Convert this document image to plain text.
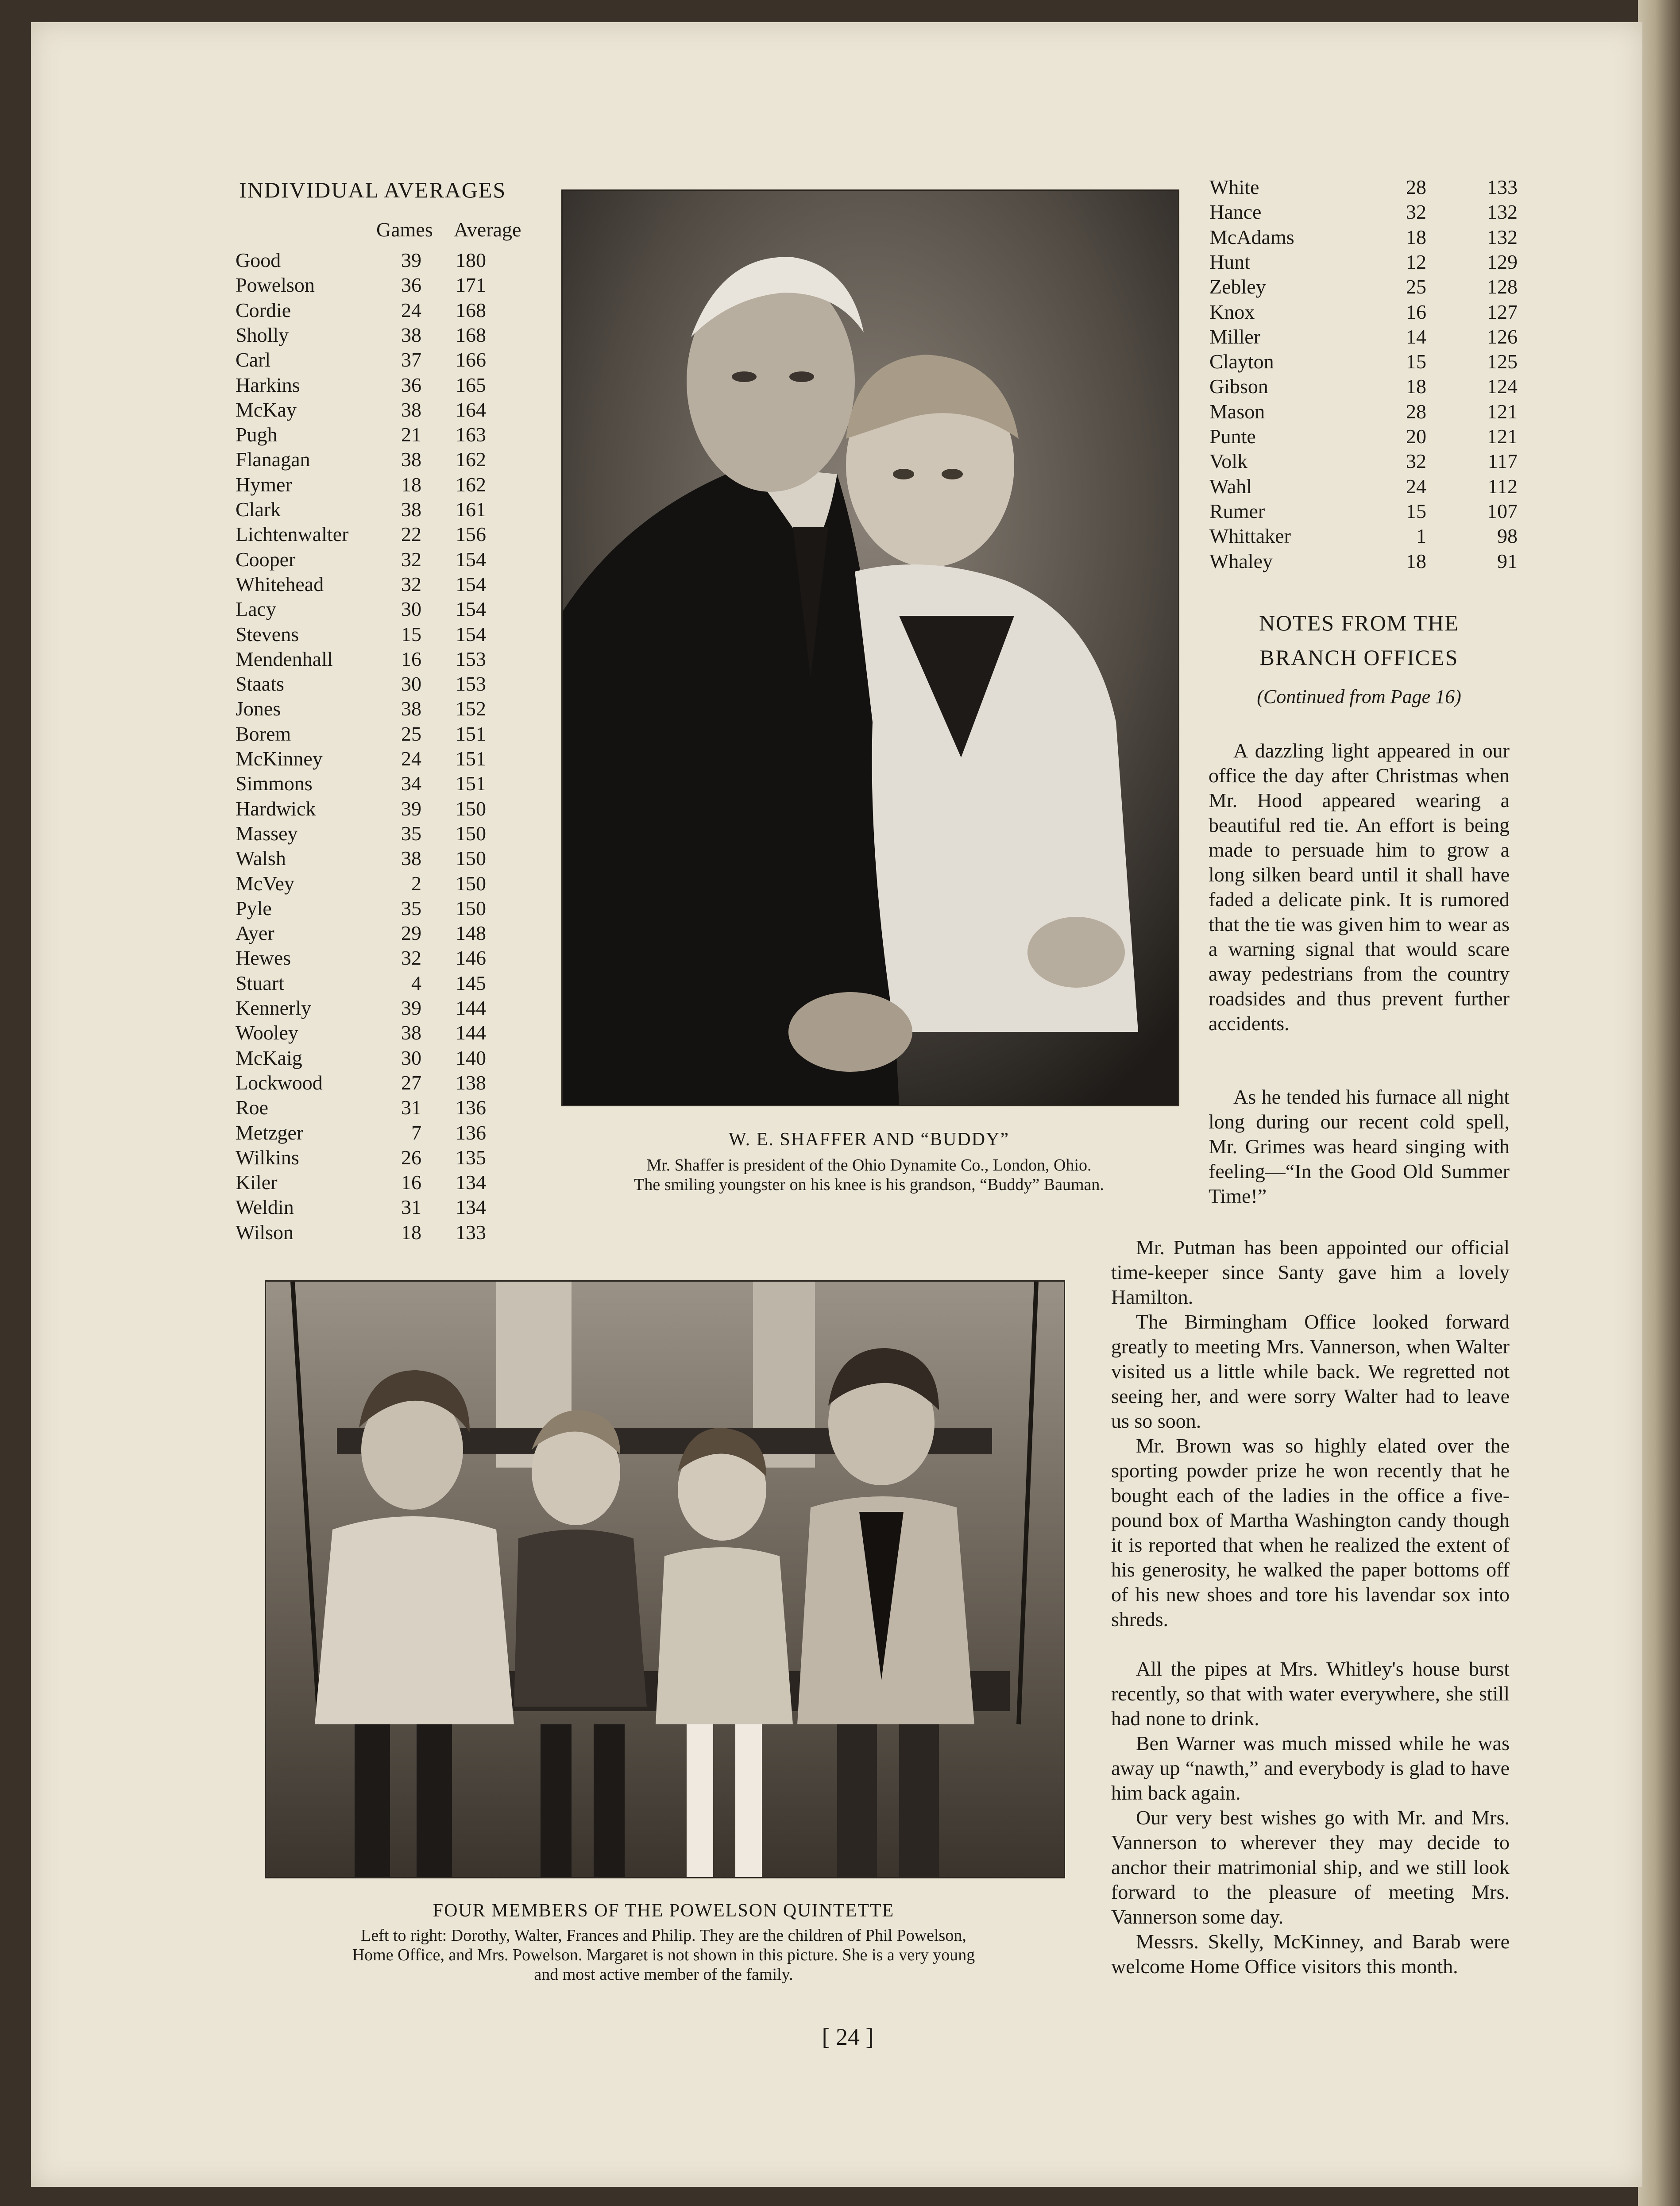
INDIVIDUAL AVERAGES
Games Average
Good	39	180
Powelson	36	171
Cordie	24	168
Sholly	38	168
Carl	37	166
Harkins	36	165
McKay	38	164
Pugh	21	163
Flanagan	38	162
Hymer	18	162
Clark	38	161
Lichtenwalter	22	156
Cooper	32	154
Whitehead	32	154
Lacy	30	154
Stevens	15	154
Mendenhall	16	153
Staats	30	153
Jones	38	152
Borem	25	151
McKinney	24	151
Simmons	34	151
Hardwick	39	150
Massey	35	150
Walsh	38	150
McVey	2	150
Pyle	35	150
Ayer	29	148
Hewes	32	146
Stuart	4	145
Kennerly	39	144
Wooley	38	144
McKaig	30	140
Lockwood	27	138
Roe	31	136
Metzger	7	136
Wilkins	26	135
Kiler	16	134
Weldin	31	134
Wilson	18	133
White	28	133
Hance	32	132
McAdams	18	132
Hunt	12	129
Zebley	25	128
Knox	16	127
Miller	14	126
Clayton	15	125
Gibson	18	124
Mason	28	121
Punte	20	121
Volk	32	117
Wahl	24	112
Rumer	15	107
Whittaker	1	98
Whaley	18	91
W. E. SHAFFER AND “BUDDY”
Mr. Shaffer is president of the Ohio Dynamite Co., London, Ohio.
The smiling youngster on his knee is his grandson, “Buddy” Bauman.
FOUR MEMBERS OF THE POWELSON QUINTETTE
Left to right: Dorothy, Walter, Frances and Philip. They are the children of Phil Powelson,
Home Office, and Mrs. Powelson. Margaret is not shown in this picture. She is a very young
and most active member of the family.
NOTES FROM THE
BRANCH OFFICES
(Continued from Page 16)
A dazzling light appeared in our office the day after Christmas when Mr. Hood appeared wearing a beautiful red tie. An effort is being made to persuade him to grow a long silken beard until it shall have faded a delicate pink. It is rumored that the tie was given him to wear as a warning signal that would scare away pedestrians from the country roadsides and thus prevent further accidents.
As he tended his furnace all night long during our recent cold spell, Mr. Grimes was heard singing with feeling—“In the Good Old Summer Time!”
Mr. Putman has been appointed our official time-keeper since Santy gave him a lovely Hamilton.
The Birmingham Office looked forward greatly to meeting Mrs. Vannerson, when Walter visited us a little while back. We regretted not seeing her, and were sorry Walter had to leave us so soon.
Mr. Brown was so highly elated over the sporting powder prize he won recently that he bought each of the ladies in the office a five-pound box of Martha Washington candy though it is reported that when he realized the extent of his generosity, he walked the paper bottoms off of his new shoes and tore his lavendar sox into shreds.
All the pipes at Mrs. Whitley's house burst recently, so that with water everywhere, she still had none to drink.
Ben Warner was much missed while he was away up “nawth,” and everybody is glad to have him back again.
Our very best wishes go with Mr. and Mrs. Vannerson to wherever they may decide to anchor their matrimonial ship, and we still look forward to the pleasure of meeting Mrs. Vannerson some day.
Messrs. Skelly, McKinney, and Barab were welcome Home Office visitors this month.
[ 24 ]
